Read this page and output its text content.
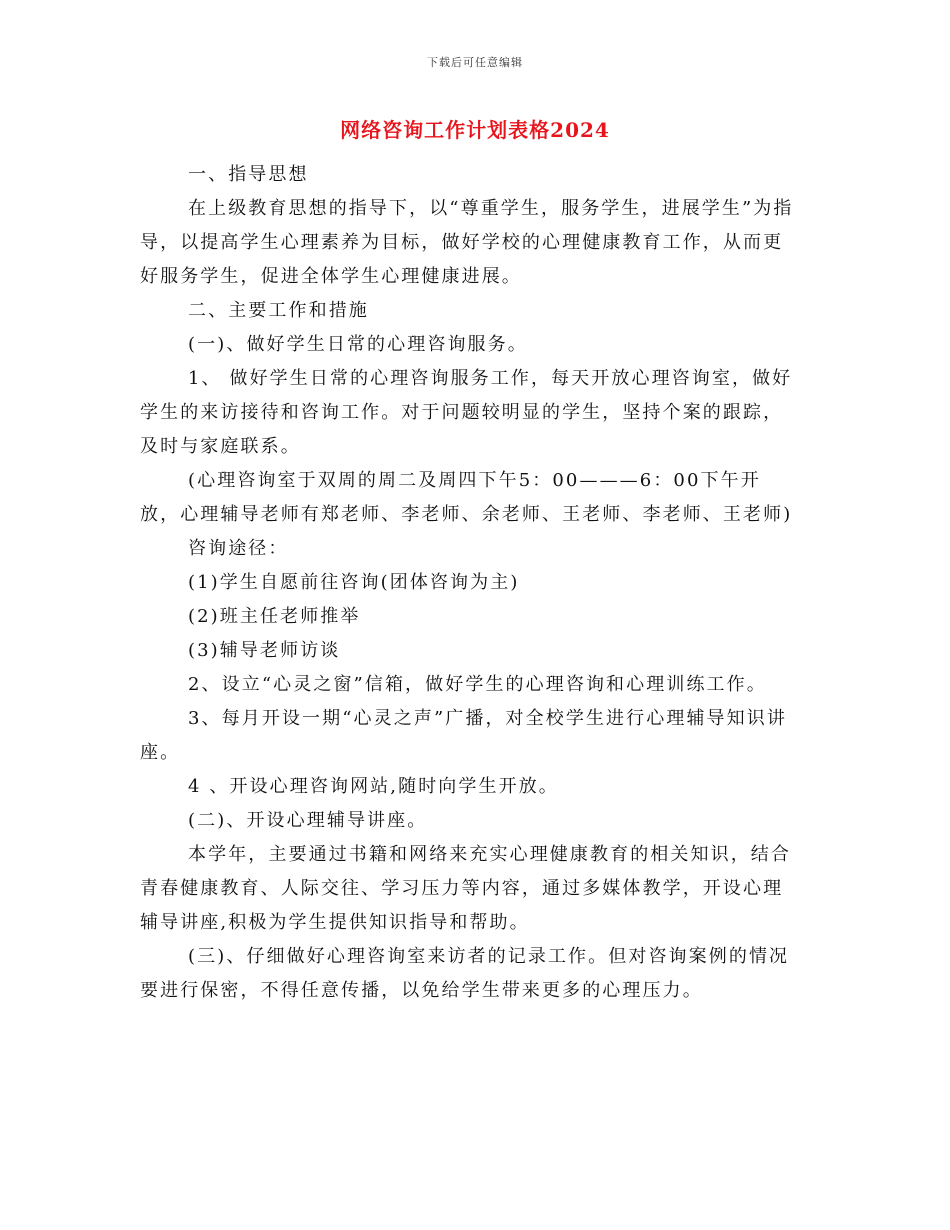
下载后可任意编辑
网络咨询工作计划表格2024

一、指导思想

在上级教育思想的指导下，以“尊重学生，服务学生，进展学生”为指导，以提高学生心理素养为目标，做好学校的心理健康教育工作，从而更好服务学生，促进全体学生心理健康进展。

二、主要工作和措施

(一)、做好学生日常的心理咨询服务。

1、 做好学生日常的心理咨询服务工作，每天开放心理咨询室，做好学生的来访接待和咨询工作。对于问题较明显的学生，坚持个案的跟踪，及时与家庭联系。

(心理咨询室于双周的周二及周四下午5：00———6：00下午开放，心理辅导老师有郑老师、李老师、余老师、王老师、李老师、王老师)

咨询途径：

(1)学生自愿前往咨询(团体咨询为主)

(2)班主任老师推举

(3)辅导老师访谈

2、设立“心灵之窗”信箱，做好学生的心理咨询和心理训练工作。

3、每月开设一期“心灵之声”广播，对全校学生进行心理辅导知识讲座。

4 、开设心理咨询网站,随时向学生开放。

(二)、开设心理辅导讲座。

本学年，主要通过书籍和网络来充实心理健康教育的相关知识，结合青春健康教育、人际交往、学习压力等内容，通过多媒体教学，开设心理辅导讲座,积极为学生提供知识指导和帮助。

(三)、仔细做好心理咨询室来访者的记录工作。但对咨询案例的情况要进行保密，不得任意传播，以免给学生带来更多的心理压力。
